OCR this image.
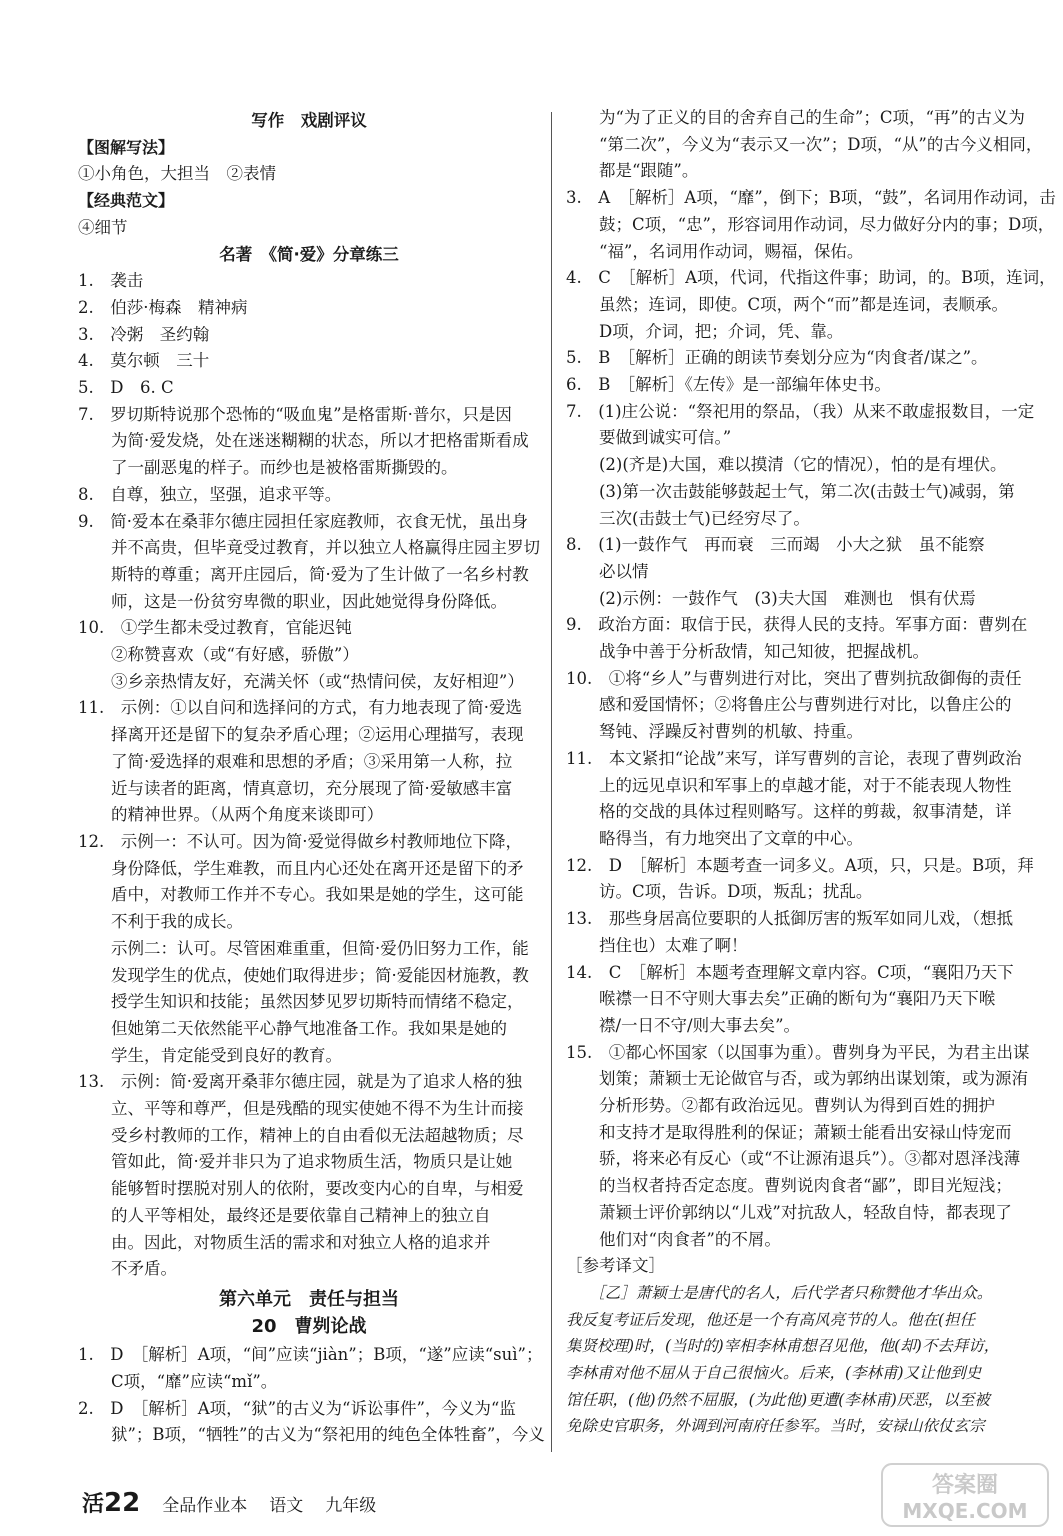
写作　戏剧评议
【图解写法】
①小角色，大担当　②表情
【经典范文】
④细节
名著　《简·爱》分章练三
1.　袭击
2.　伯莎·梅森　精神病
3.　冷粥　圣约翰
4.　莫尔顿　三十
5.　D　6. C
7.　罗切斯特说那个恐怖的“吸血鬼”是格雷斯·普尔，只是因
　　为简·爱发烧，处在迷迷糊糊的状态，所以才把格雷斯看成
　　了一副恶鬼的样子。而纱也是被格雷斯撕毁的。
8.　自尊，独立，坚强，追求平等。
9.　简·爱本在桑菲尔德庄园担任家庭教师，衣食无忧，虽出身
　　并不高贵，但毕竟受过教育，并以独立人格赢得庄园主罗切
　　斯特的尊重；离开庄园后，简·爱为了生计做了一名乡村教
　　师，这是一份贫穷卑微的职业，因此她觉得身份降低。
10.　①学生都未受过教育，官能迟钝
　　②称赞喜欢（或“有好感，骄傲”）
　　③乡亲热情友好，充满关怀（或“热情问侯，友好相迎”）
11.　示例：①以自问和选择问的方式，有力地表现了简·爱选
　　择离开还是留下的复杂矛盾心理；②运用心理描写，表现
　　了简·爱选择的艰难和思想的矛盾；③采用第一人称，拉
　　近与读者的距离，情真意切，充分展现了简·爱敏感丰富
　　的精神世界。（从两个角度来谈即可）
12.　示例一：不认可。因为简·爱觉得做乡村教师地位下降，
　　身份降低，学生难教，而且内心还处在离开还是留下的矛
　　盾中，对教师工作并不专心。我如果是她的学生，这可能
　　不利于我的成长。
　　示例二：认可。尽管困难重重，但简·爱仍旧努力工作，能
　　发现学生的优点，使她们取得进步；简·爱能因材施教，教
　　授学生知识和技能；虽然因梦见罗切斯特而情绪不稳定，
　　但她第二天依然能平心静气地准备工作。我如果是她的
　　学生，肯定能受到良好的教育。
13.　示例：简·爱离开桑菲尔德庄园，就是为了追求人格的独
　　立、平等和尊严，但是残酷的现实使她不得不为生计而接
　　受乡村教师的工作，精神上的自由看似无法超越物质；尽
　　管如此，简·爱并非只为了追求物质生活，物质只是让她
　　能够暂时摆脱对别人的依附，要改变内心的自卑，与相爱
　　的人平等相处，最终还是要依靠自己精神上的独立自
　　由。因此，对物质生活的需求和对独立人格的追求并
　　不矛盾。
第六单元　责任与担当
20　曹刿论战
1.　D　［解析］A项，“间”应读“jiàn”；B项，“遂”应读“suì”；
　　C项，“靡”应读“mǐ”。
2.　D　［解析］A项，“狱”的古义为“诉讼事件”，今义为“监
　　狱”；B项，“牺牲”的古义为“祭祀用的纯色全体牲畜”，今义
　　为“为了正义的目的舍弃自己的生命”；C项，“再”的古义为
　　“第二次”，今义为“表示又一次”；D项，“从”的古今义相同，
　　都是“跟随”。
3.　A　［解析］A项，“靡”，倒下；B项，“鼓”，名词用作动词，击
　　鼓；C项，“忠”，形容词用作动词，尽力做好分内的事；D项，
　　“福”，名词用作动词，赐福，保佑。
4.　C　［解析］A项，代词，代指这件事；助词，的。B项，连词，
　　虽然；连词，即使。C项，两个“而”都是连词，表顺承。
　　D项，介词，把；介词，凭、靠。
5.　B　［解析］正确的朗读节奏划分应为“肉食者/谋之”。
6.　B　［解析］《左传》是一部编年体史书。
7.　(1)庄公说：“祭祀用的祭品，（我）从来不敢虚报数目，一定
　　要做到诚实可信。”
　　(2)(齐是)大国，难以摸清（它的情况），怕的是有埋伏。
　　(3)第一次击鼓能够鼓起士气，第二次(击鼓士气)减弱，第
　　三次(击鼓士气)已经穷尽了。
8.　(1)一鼓作气　再而衰　三而竭　小大之狱　虽不能察
　　必以情
　　(2)示例：一鼓作气　(3)夫大国　难测也　惧有伏焉
9.　政治方面：取信于民，获得人民的支持。军事方面：曹刿在
　　战争中善于分析敌情，知己知彼，把握战机。
10.　①将“乡人”与曹刿进行对比，突出了曹刿抗敌御侮的责任
　　感和爱国情怀；②将鲁庄公与曹刿进行对比，以鲁庄公的
　　驽钝、浮躁反衬曹刿的机敏、持重。
11.　本文紧扣“论战”来写，详写曹刿的言论，表现了曹刿政治
　　上的远见卓识和军事上的卓越才能，对于不能表现人物性
　　格的交战的具体过程则略写。这样的剪裁，叙事清楚，详
　　略得当，有力地突出了文章的中心。
12.　D　［解析］本题考查一词多义。A项，只，只是。B项，拜
　　访。C项，告诉。D项，叛乱；扰乱。
13.　那些身居高位要职的人抵御厉害的叛军如同儿戏，（想抵
　　挡住也）太难了啊！
14.　C　［解析］本题考查理解文章内容。C项，“襄阳乃天下
　　喉襟一日不守则大事去矣”正确的断句为“襄阳乃天下喉
　　襟/一日不守/则大事去矣”。
15.　①都心怀国家（以国事为重）。曹刿身为平民，为君主出谋
　　划策；萧颖士无论做官与否，或为郭纳出谋划策，或为源洧
　　分析形势。②都有政治远见。曹刿认为得到百姓的拥护
　　和支持才是取得胜利的保证；萧颖士能看出安禄山恃宠而
　　骄，将来必有反心（或“不让源洧退兵”）。③都对恩泽浅薄
　　的当权者持否定态度。曹刿说肉食者“鄙”，即目光短浅；
　　萧颖士评价郭纳以“儿戏”对抗敌人，轻敌自恃，都表现了
　　他们对“肉食者”的不屑。
［参考译文］
　　［乙］萧颖士是唐代的名人，后代学者只称赞他才华出众。
我反复考证后发现，他还是一个有高风亮节的人。他在(担任
集贤校理)时，(当时的)宰相李林甫想召见他，他(却)不去拜访，
李林甫对他不屈从于自己很恼火。后来，(李林甫)又让他到史
馆任职，(他)仍然不屈服，(为此他)更遭(李林甫)厌恶，以至被
免除史官职务，外调到河南府任参军。当时，安禄山依仗玄宗
活22 全品作业本 语文 九年级
答案圈
MXQE.COM
